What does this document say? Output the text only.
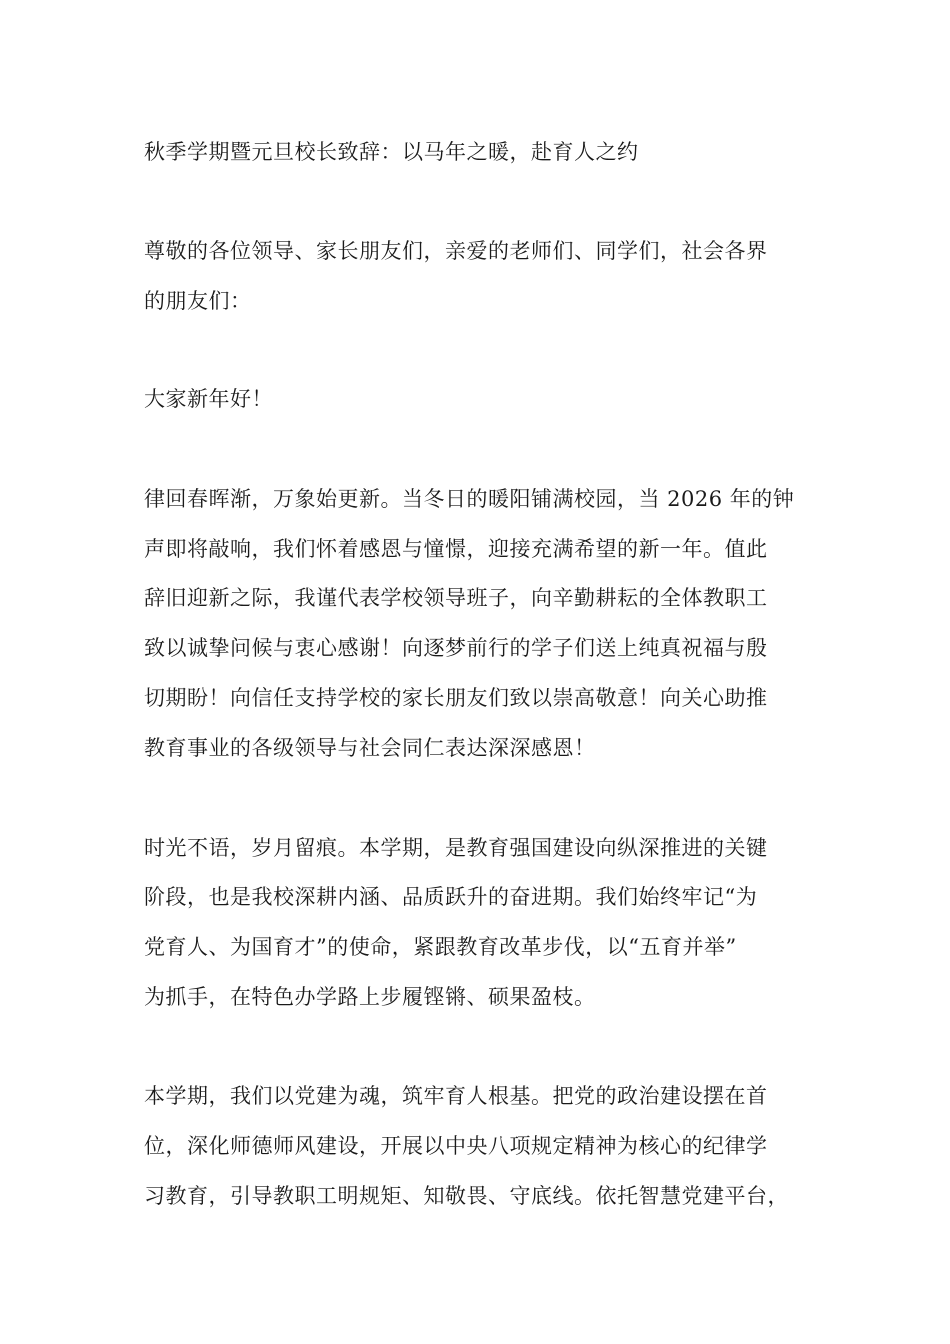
秋季学期暨元旦校长致辞：以马年之暖，赴育人之约
尊敬的各位领导、家长朋友们，亲爱的老师们、同学们，社会各界
的朋友们：
大家新年好！
律回春晖渐，万象始更新。当冬日的暖阳铺满校园，当 2026 年的钟
声即将敲响，我们怀着感恩与憧憬，迎接充满希望的新一年。值此
辞旧迎新之际，我谨代表学校领导班子，向辛勤耕耘的全体教职工
致以诚挚问候与衷心感谢！向逐梦前行的学子们送上纯真祝福与殷
切期盼！向信任支持学校的家长朋友们致以崇高敬意！向关心助推
教育事业的各级领导与社会同仁表达深深感恩！
时光不语，岁月留痕。本学期，是教育强国建设向纵深推进的关键
阶段，也是我校深耕内涵、品质跃升的奋进期。我们始终牢记“为
党育人、为国育才”的使命，紧跟教育改革步伐，以“五育并举”
为抓手，在特色办学路上步履铿锵、硕果盈枝。
本学期，我们以党建为魂，筑牢育人根基。把党的政治建设摆在首
位，深化师德师风建设，开展以中央八项规定精神为核心的纪律学
习教育，引导教职工明规矩、知敬畏、守底线。依托智慧党建平台，
